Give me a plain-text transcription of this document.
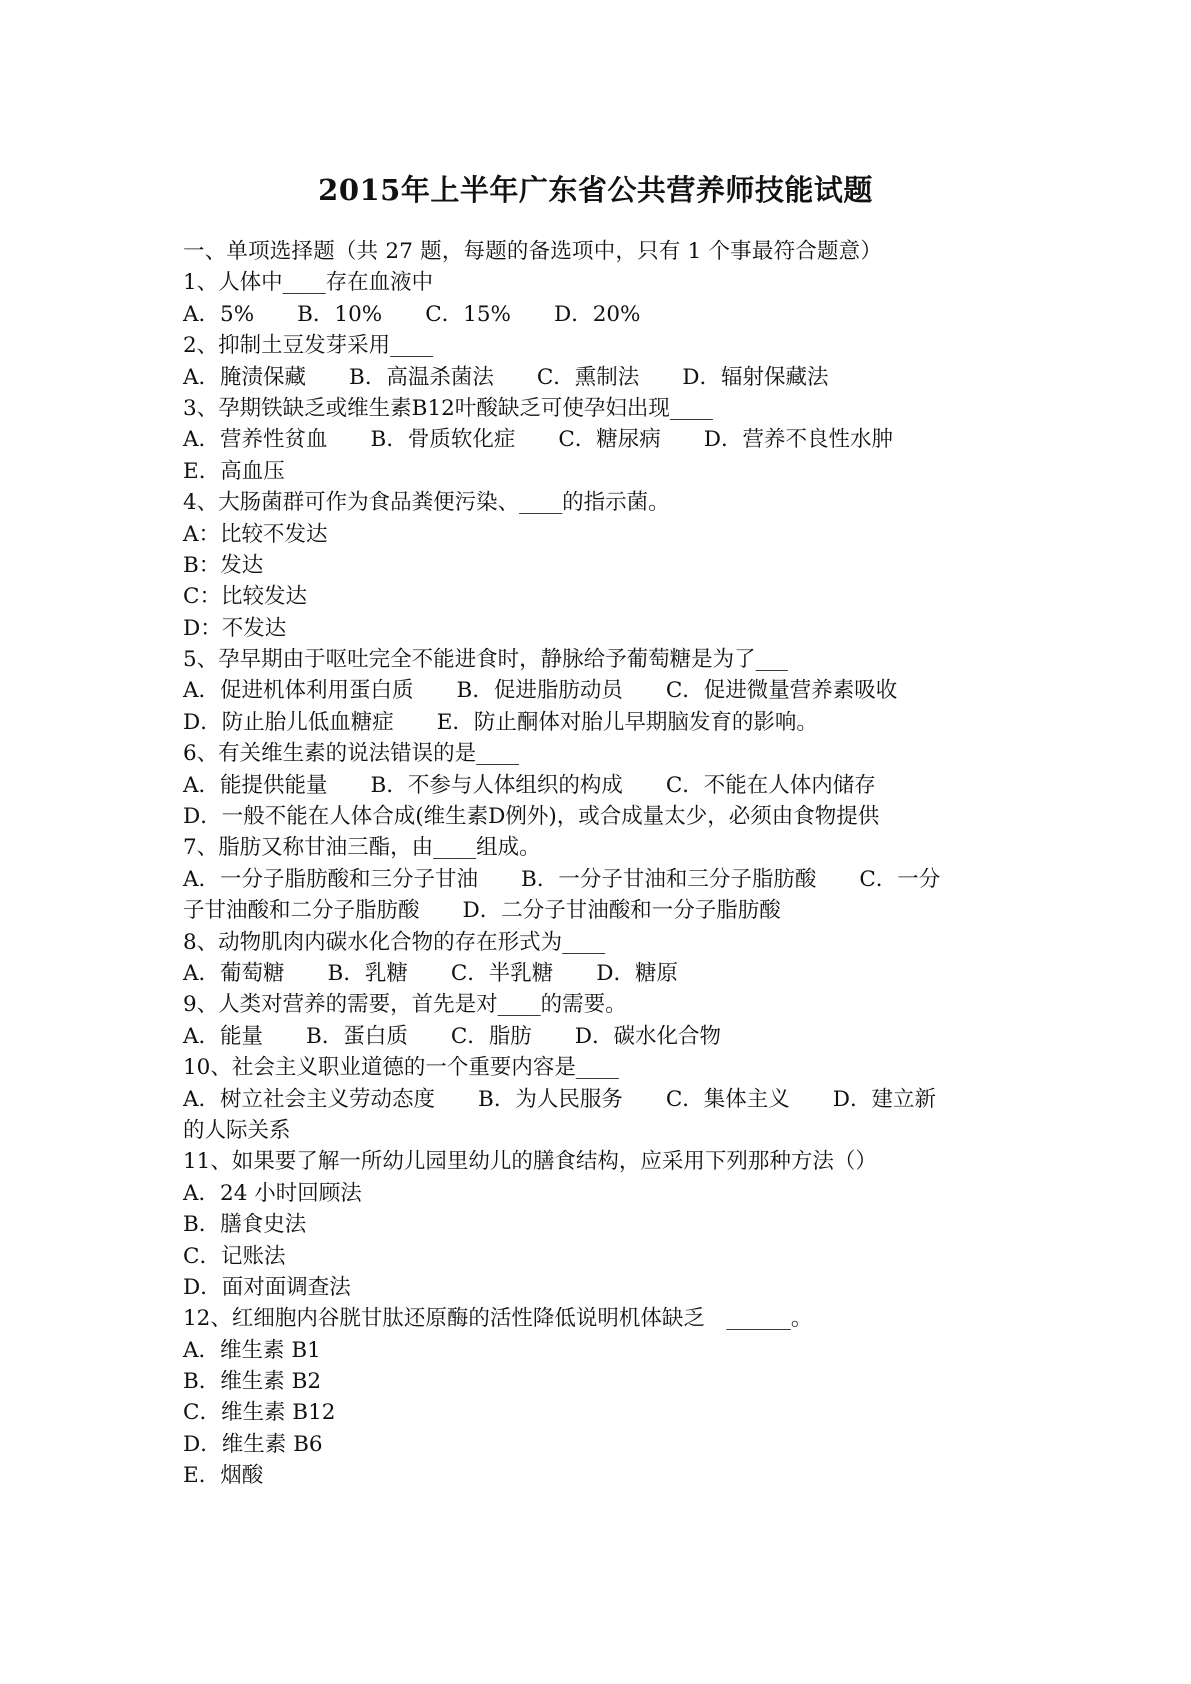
2015年上半年广东省公共营养师技能试题
一、单项选择题（共 27 题，每题的备选项中，只有 1 个事最符合题意）
1、人体中____存在血液中
A．5%　　B．10%　　C．15%　　D．20%
2、抑制土豆发芽采用____
A．腌渍保藏　　B．高温杀菌法　　C．熏制法　　D．辐射保藏法
3、孕期铁缺乏或维生素B12叶酸缺乏可使孕妇出现____
A．营养性贫血　　B．骨质软化症　　C．糖尿病　　D．营养不良性水肿
E．高血压
4、大肠菌群可作为食品粪便污染、____的指示菌。
A：比较不发达
B：发达
C：比较发达
D：不发达
5、孕早期由于呕吐完全不能进食时，静脉给予葡萄糖是为了___
A．促进机体利用蛋白质　　B．促进脂肪动员　　C．促进微量营养素吸收
D．防止胎儿低血糖症　　E．防止酮体对胎儿早期脑发育的影响。
6、有关维生素的说法错误的是____
A．能提供能量　　B．不参与人体组织的构成　　C．不能在人体内储存
D．一般不能在人体合成(维生素D例外)，或合成量太少，必须由食物提供
7、脂肪又称甘油三酯，由____组成。
A．一分子脂肪酸和三分子甘油　　B．一分子甘油和三分子脂肪酸　　C．一分
子甘油酸和二分子脂肪酸　　D．二分子甘油酸和一分子脂肪酸
8、动物肌肉内碳水化合物的存在形式为____
A．葡萄糖　　B．乳糖　　C．半乳糖　　D．糖原
9、人类对营养的需要，首先是对____的需要。
A．能量　　B．蛋白质　　C．脂肪　　D．碳水化合物
10、社会主义职业道德的一个重要内容是____
A．树立社会主义劳动态度　　B．为人民服务　　C．集体主义　　D．建立新
的人际关系
11、如果要了解一所幼儿园里幼儿的膳食结构，应采用下列那种方法（）
A．24 小时回顾法
B．膳食史法
C．记账法
D．面对面调查法
12、红细胞内谷胱甘肽还原酶的活性降低说明机体缺乏　______。
A．维生素 B1
B．维生素 B2
C．维生素 B12
D．维生素 B6
E．烟酸
